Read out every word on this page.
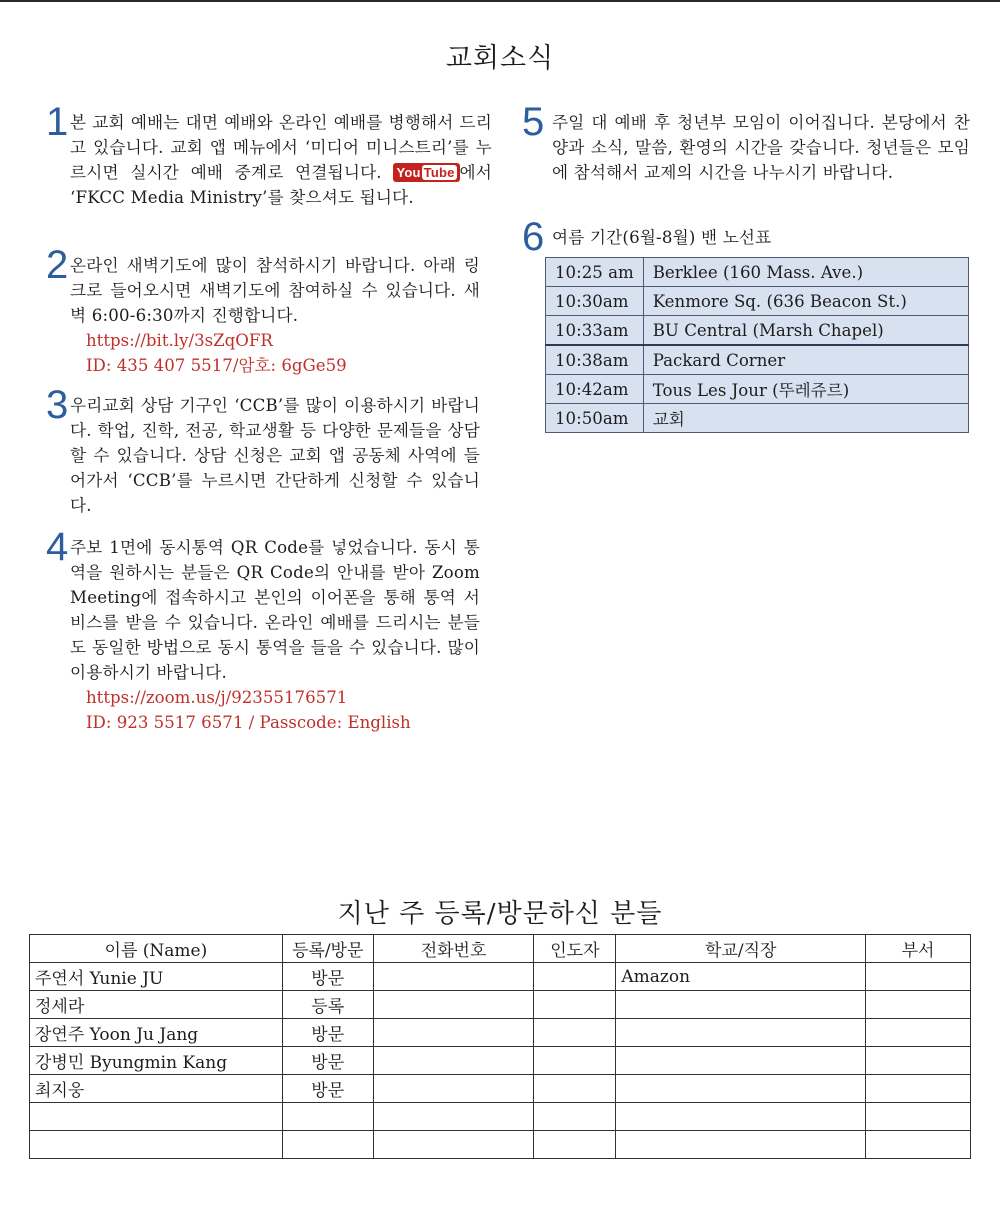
교회소식
1 본 교회 예배는 대면 예배와 온라인 예배를 병행해서 드리고 있습니다. 교회 앱 메뉴에서 ‘미디어 미니스트리’를 누르시면 실시간 예배 중계로 연결됩니다. You Tube 에서 ‘FKCC Media Ministry’를 찾으셔도 됩니다.
2 온라인 새벽기도에 많이 참석하시기 바랍니다. 아래 링크로 들어오시면 새벽기도에 참여하실 수 있습니다. 새벽 6:00-6:30까지 진행합니다.
https://bit.ly/3sZqOFR
ID: 435 407 5517/암호: 6gGe59
3 우리교회 상담 기구인 ‘CCB’를 많이 이용하시기 바랍니다. 학업, 진학, 전공, 학교생활 등 다양한 문제들을 상담할 수 있습니다. 상담 신청은 교회 앱 공동체 사역에 들어가서 ‘CCB’를 누르시면 간단하게 신청할 수 있습니다.
4 주보 1면에 동시통역 QR Code를 넣었습니다. 동시 통역을 원하시는 분들은 QR Code의 안내를 받아 Zoom Meeting에 접속하시고 본인의 이어폰을 통해 통역 서비스를 받을 수 있습니다. 온라인 예배를 드리시는 분들도 동일한 방법으로 동시 통역을 들을 수 있습니다. 많이 이용하시기 바랍니다.
https://zoom.us/j/92355176571
ID: 923 5517 6571 / Passcode: English
5 주일 대 예배 후 청년부 모임이 이어집니다. 본당에서 찬양과 소식, 말씀, 환영의 시간을 갖습니다. 청년들은 모임에 참석해서 교제의 시간을 나누시기 바랍니다.
6 여름 기간(6월-8월) 밴 노선표
10:25 am	Berklee (160 Mass. Ave.)
10:30am	Kenmore Sq. (636 Beacon St.)
10:33am	BU Central (Marsh Chapel)
10:38am	Packard Corner
10:42am	Tous Les Jour (뚜레쥬르)
10:50am	교회
지난 주 등록/방문하신 분들
이름 (Name)	등록/방문	전화번호	인도자	학교/직장	부서
주연서 Yunie JU	방문			Amazon	
정세라	등록				
장연주 Yoon Ju Jang	방문				
강병민 Byungmin Kang	방문				
최지웅	방문				
